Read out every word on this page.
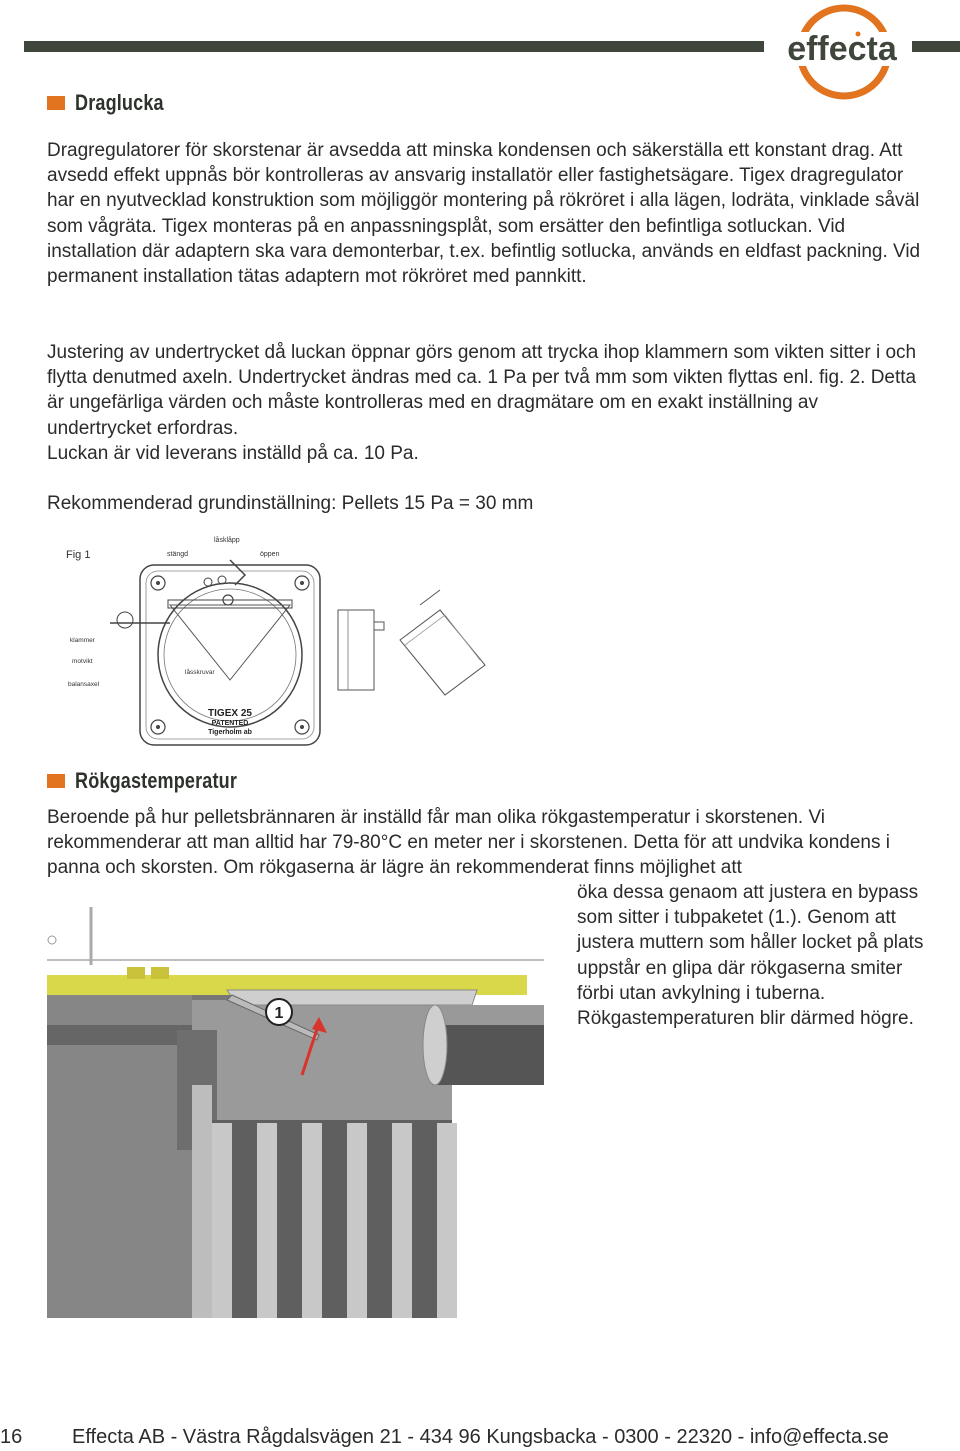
effecta
Draglucka

Dragregulatorer för skorstenar är avsedda att minska kondensen och säkerställa ett konstant drag. Att avsedd effekt uppnås bör kontrolleras av ansvarig installatör eller fastighetsägare. Tigex dragregulator har en nyutvecklad konstruktion som möjliggör montering på rökröret i alla lägen, lodräta, vinklade såväl som vågräta. Tigex monteras på en anpassningsplåt, som ersätter den befintliga sotluckan. Vid installation där adaptern ska vara demonterbar, t.ex. befintlig sotlucka, används en eldfast packning. Vid permanent installation tätas adaptern mot rökröret med pannkitt.

Justering av undertrycket då luckan öppnar görs genom att trycka ihop klammern som vikten sitter i och flytta denutmed axeln. Undertrycket ändras med ca. 1 Pa per två mm som vikten flyttas enl. fig. 2. Detta är ungefärliga värden och måste kontrolleras med en dragmätare om en exakt inställning av undertrycket erfordras.

Luckan är vid leverans inställd på ca. 10 Pa.

Rekommenderad grundinställning: Pellets 15 Pa = 30 mm

Fig 1	stängd
låsklåpp
öppen
klammer
motvikt
balansaxel
låsskruvar
TIGEX 25
PATENTED
Tigerholm ab
Rökgastemperatur

Beroende på hur pelletsbrännaren är inställd får man olika rökgastemperatur i skorstenen. Vi rekommenderar att man alltid har 79-80°C en meter ner i skorstenen. Detta för att undvika kondens i panna och skorsten. Om rökgaserna är lägre än rekommenderat finns möjlighet att

öka dessa genaom att justera en bypass som sitter i tubpaketet (1.). Genom att justera muttern som håller locket på plats uppstår en glipa där rökgaserna smiter förbi utan avkylning i tuberna. Rökgastemperaturen blir därmed högre.

1
16 Effecta AB - Västra Rågdalsvägen 21 - 434 96 Kungsbacka - 0300 - 22320 - info@effecta.se
